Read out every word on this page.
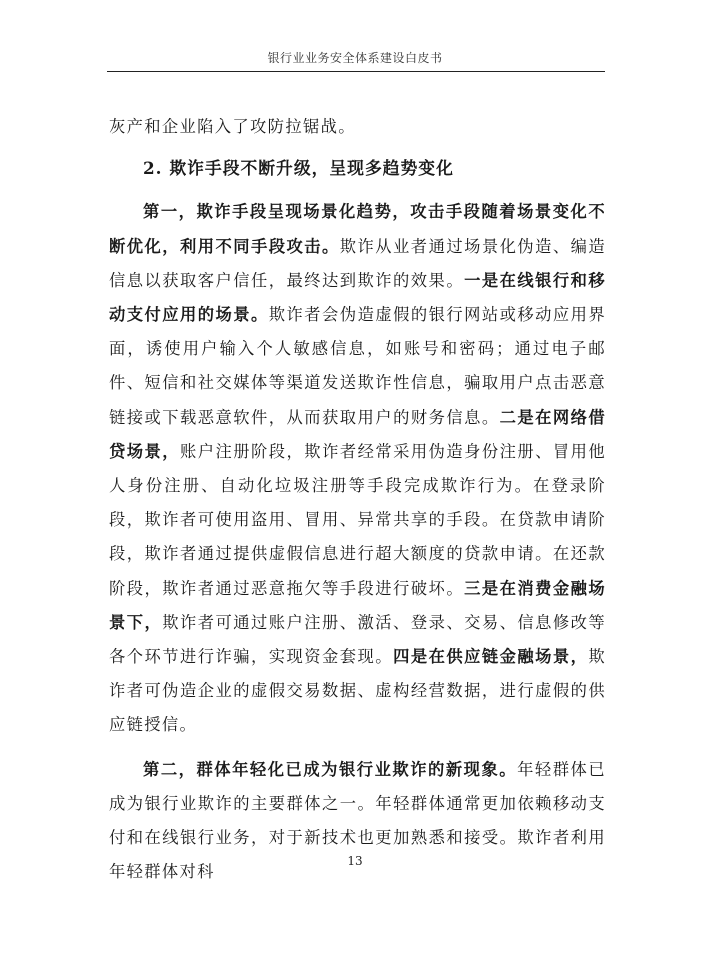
银行业业务安全体系建设白皮书

灰产和企业陷入了攻防拉锯战。

2. 欺诈手段不断升级，呈现多趋势变化

第一，欺诈手段呈现场景化趋势，攻击手段随着场景变化不断优化，利用不同手段攻击。欺诈从业者通过场景化伪造、编造信息以获取客户信任，最终达到欺诈的效果。一是在线银行和移动支付应用的场景。欺诈者会伪造虚假的银行网站或移动应用界面，诱使用户输入个人敏感信息，如账号和密码；通过电子邮件、短信和社交媒体等渠道发送欺诈性信息，骗取用户点击恶意链接或下载恶意软件，从而获取用户的财务信息。二是在网络借贷场景，账户注册阶段，欺诈者经常采用伪造身份注册、冒用他人身份注册、自动化垃圾注册等手段完成欺诈行为。在登录阶段，欺诈者可使用盗用、冒用、异常共享的手段。在贷款申请阶段，欺诈者通过提供虚假信息进行超大额度的贷款申请。在还款阶段，欺诈者通过恶意拖欠等手段进行破坏。三是在消费金融场景下，欺诈者可通过账户注册、激活、登录、交易、信息修改等各个环节进行诈骗，实现资金套现。四是在供应链金融场景，欺诈者可伪造企业的虚假交易数据、虚构经营数据，进行虚假的供应链授信。

第二，群体年轻化已成为银行业欺诈的新现象。年轻群体已成为银行业欺诈的主要群体之一。年轻群体通常更加依赖移动支付和在线银行业务，对于新技术也更加熟悉和接受。欺诈者利用年轻群体对科

13
